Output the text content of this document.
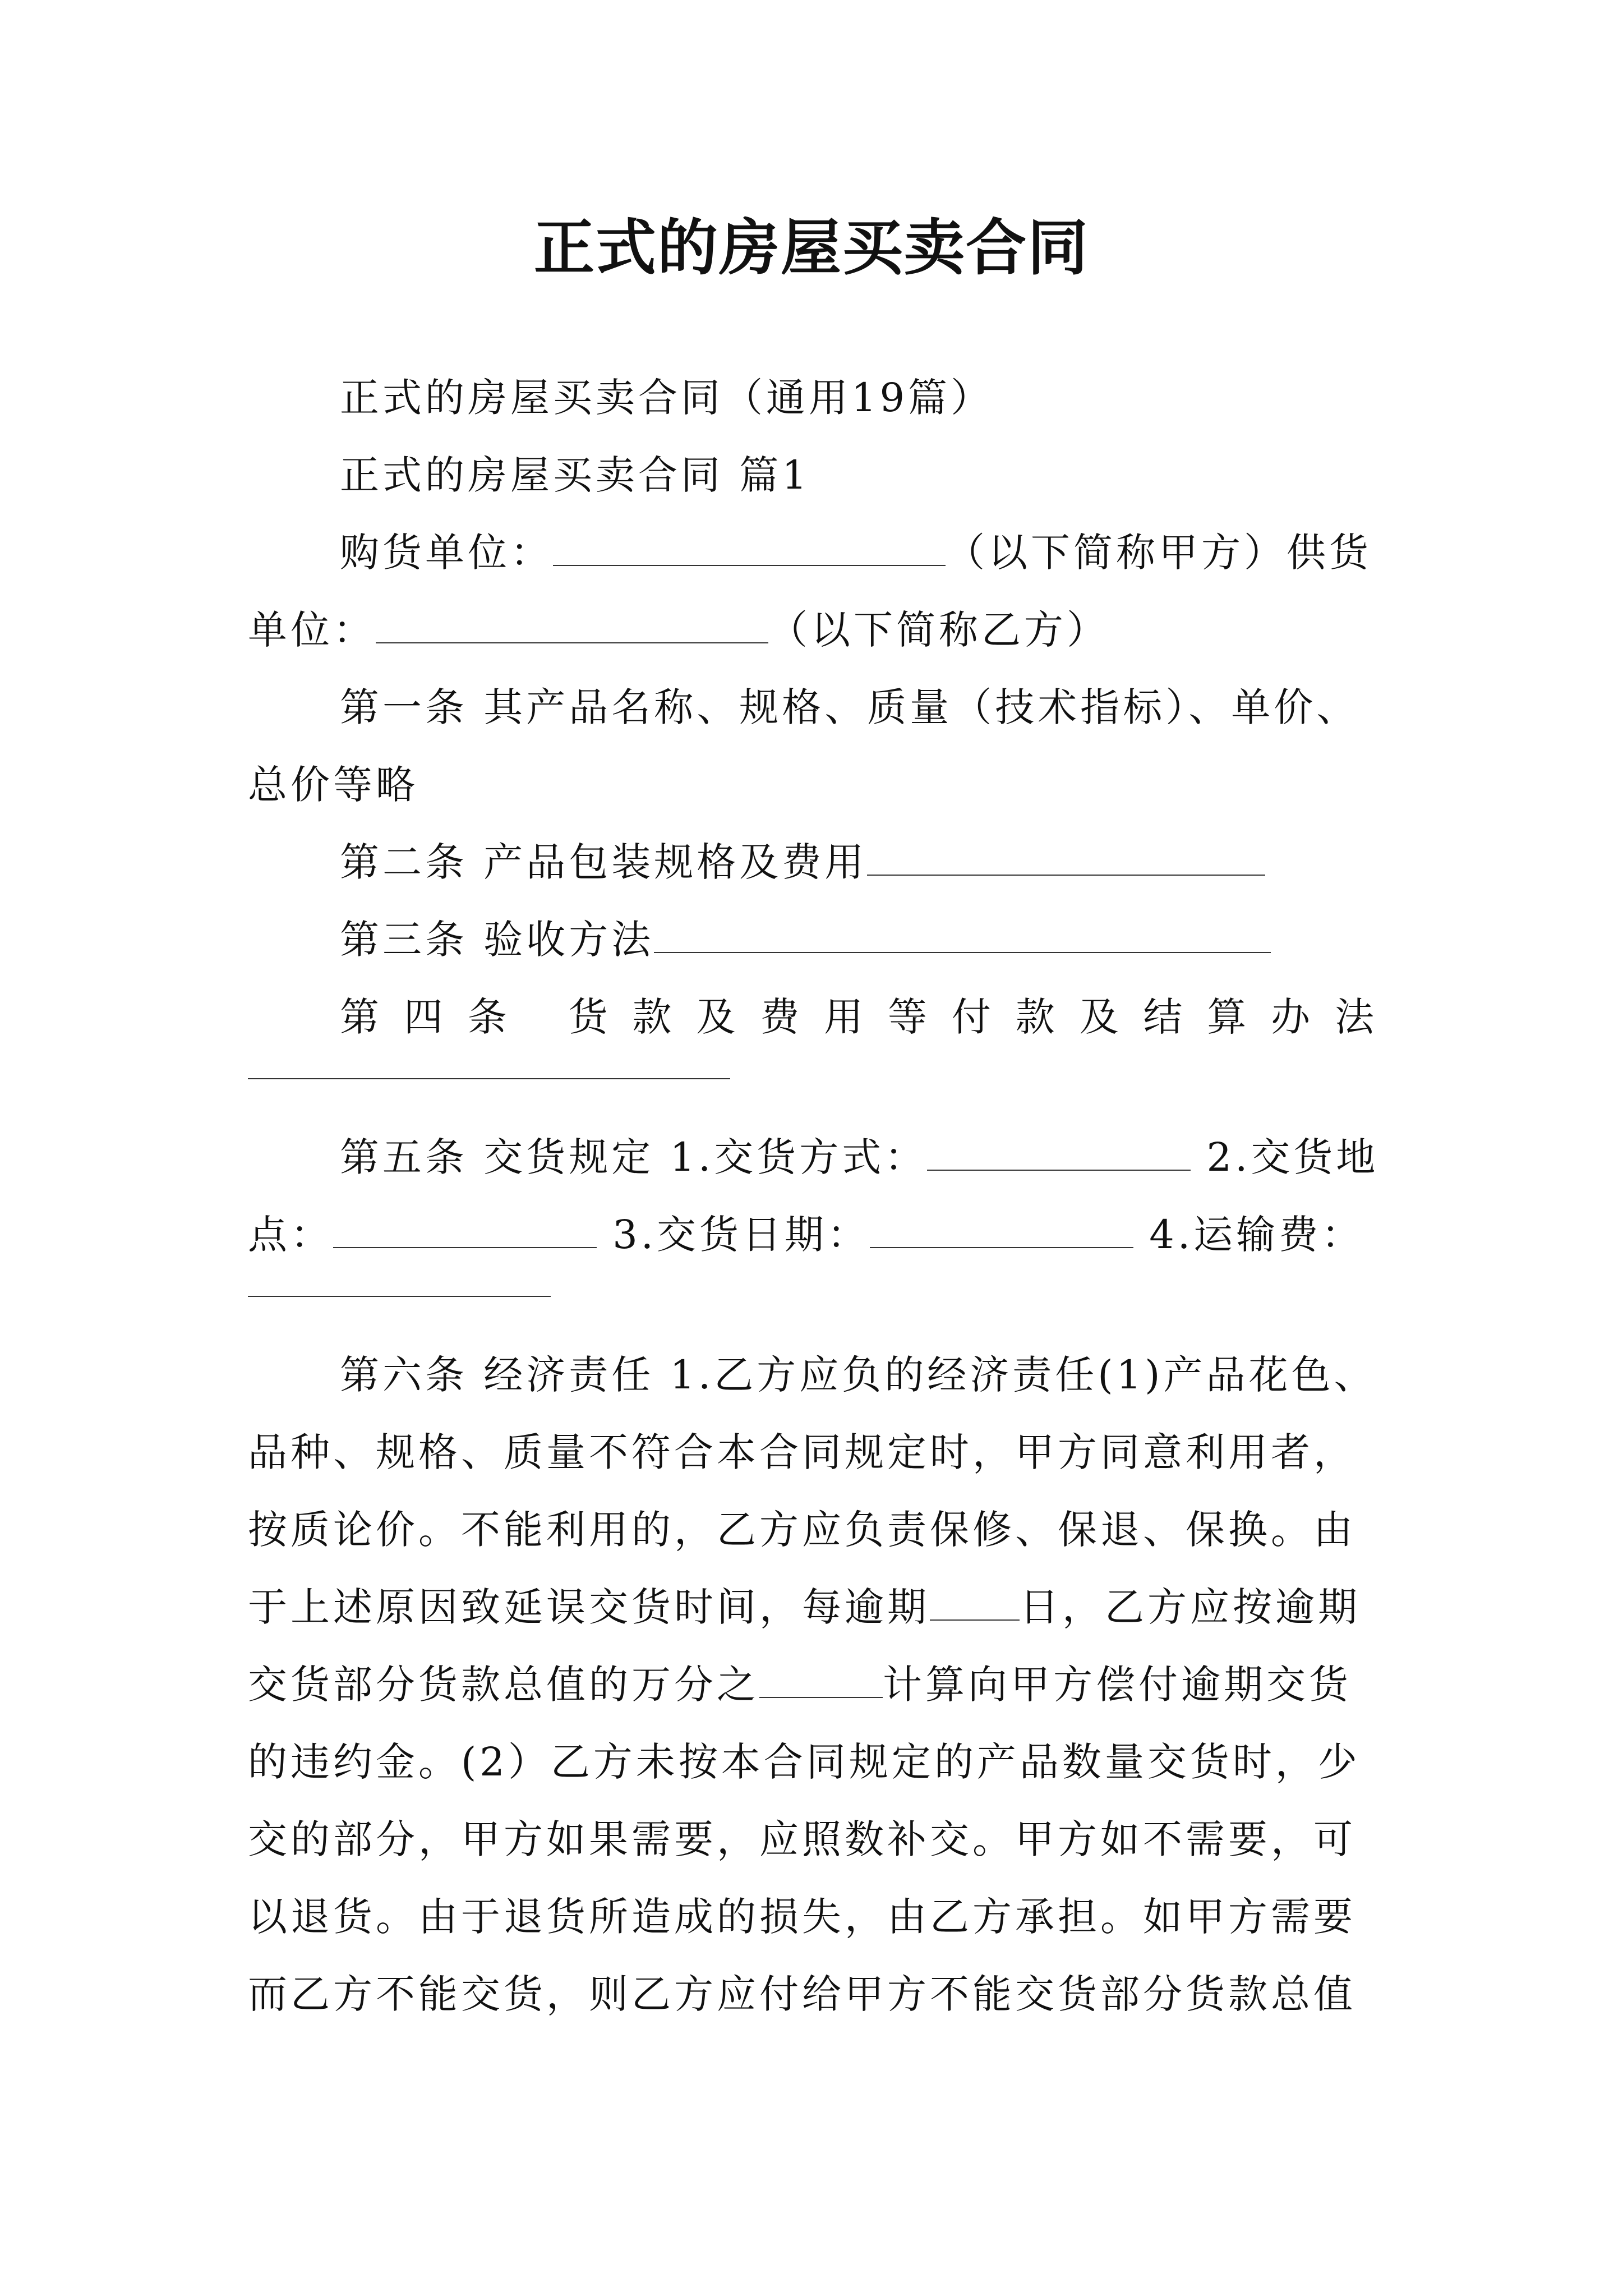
正式的房屋买卖合同

正式的房屋买卖合同（通用19篇）

正式的房屋买卖合同 篇1

购货单位：	（以下简称甲方）供货单位：	（以下简称乙方）

第一条 其产品名称、规格、质量（技术指标）、单价、总价等略

第二条 产品包装规格及费用

第三条 验收方法

第四条 货款及费用等付款及结算办法

第五条 交货规定 1.交货方式：	2.交货地点：	3.交货日期：	4.运输费：

第六条 经济责任 1.乙方应负的经济责任(1)产品花色、品种、规格、质量不符合本合同规定时，甲方同意利用者，按质论价。不能利用的，乙方应负责保修、保退、保换。由于上述原因致延误交货时间，每逾期 日，乙方应按逾期交货部分货款总值的万分之	计算向甲方偿付逾期交货的违约金。(2）乙方未按本合同规定的产品数量交货时，少交的部分，甲方如果需要，应照数补交。甲方如不需要，可以退货。由于退货所造成的损失，由乙方承担。如甲方需要而乙方不能交货，则乙方应付给甲方不能交货部分货款总值
